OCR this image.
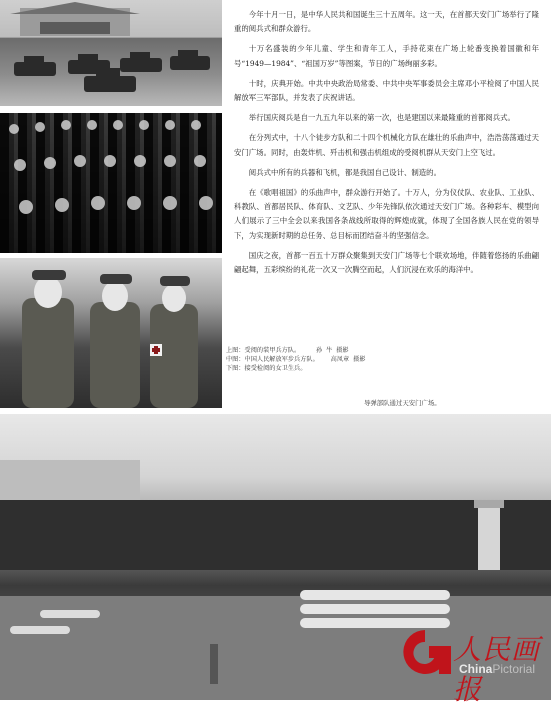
今年十月一日，是中华人民共和国诞生三十五周年。这一天，在首都天安门广场举行了隆重的阅兵式和群众游行。

十万名盛装的少年儿童、学生和青年工人，手持花束在广场上轮番变换着国徽和年号“1949—1984”、“祖国万岁”等图案，节日的广场绚丽多彩。

十时，庆典开始。中共中央政治局常委、中共中央军事委员会主席邓小平检阅了中国人民解放军三军部队，并发表了庆祝讲话。

举行国庆阅兵是自一九五九年以来的第一次，也是建国以来最隆重的首都阅兵式。

在分列式中，十八个徒步方队和二十四个机械化方队在雄壮的乐曲声中，浩浩荡荡通过天安门广场。同时，由轰炸机、歼击机和强击机组成的受阅机群从天安门上空飞过。

阅兵式中所有的兵器和飞机，都是我国自己设计、制造的。

在《歌唱祖国》的乐曲声中，群众游行开始了。十万人，分为仪仗队、农业队、工业队、科教队、首都居民队、体育队、文艺队、少年先锋队依次通过天安门广场。各种彩车、模型向人们展示了三中全会以来我国各条战线所取得的辉煌成就，体现了全国各族人民在党的领导下，为实现新时期的总任务、总目标而团结奋斗的坚强信念。

国庆之夜，首都一百五十万群众聚集到天安门广场等七个联欢场地，伴随着悠扬的乐曲翩翩起舞，五彩缤纷的礼花一次又一次腾空而起，人们沉浸在欢乐的海洋中。

上图：受阅的装甲兵方队。        孙  牛  摄影
中图：中国人民解放军步兵方队。      高凤章  摄影
下图：接受检阅的女卫生兵。
导弹部队通过天安门广场。
人民画报
ChinaPictorial
